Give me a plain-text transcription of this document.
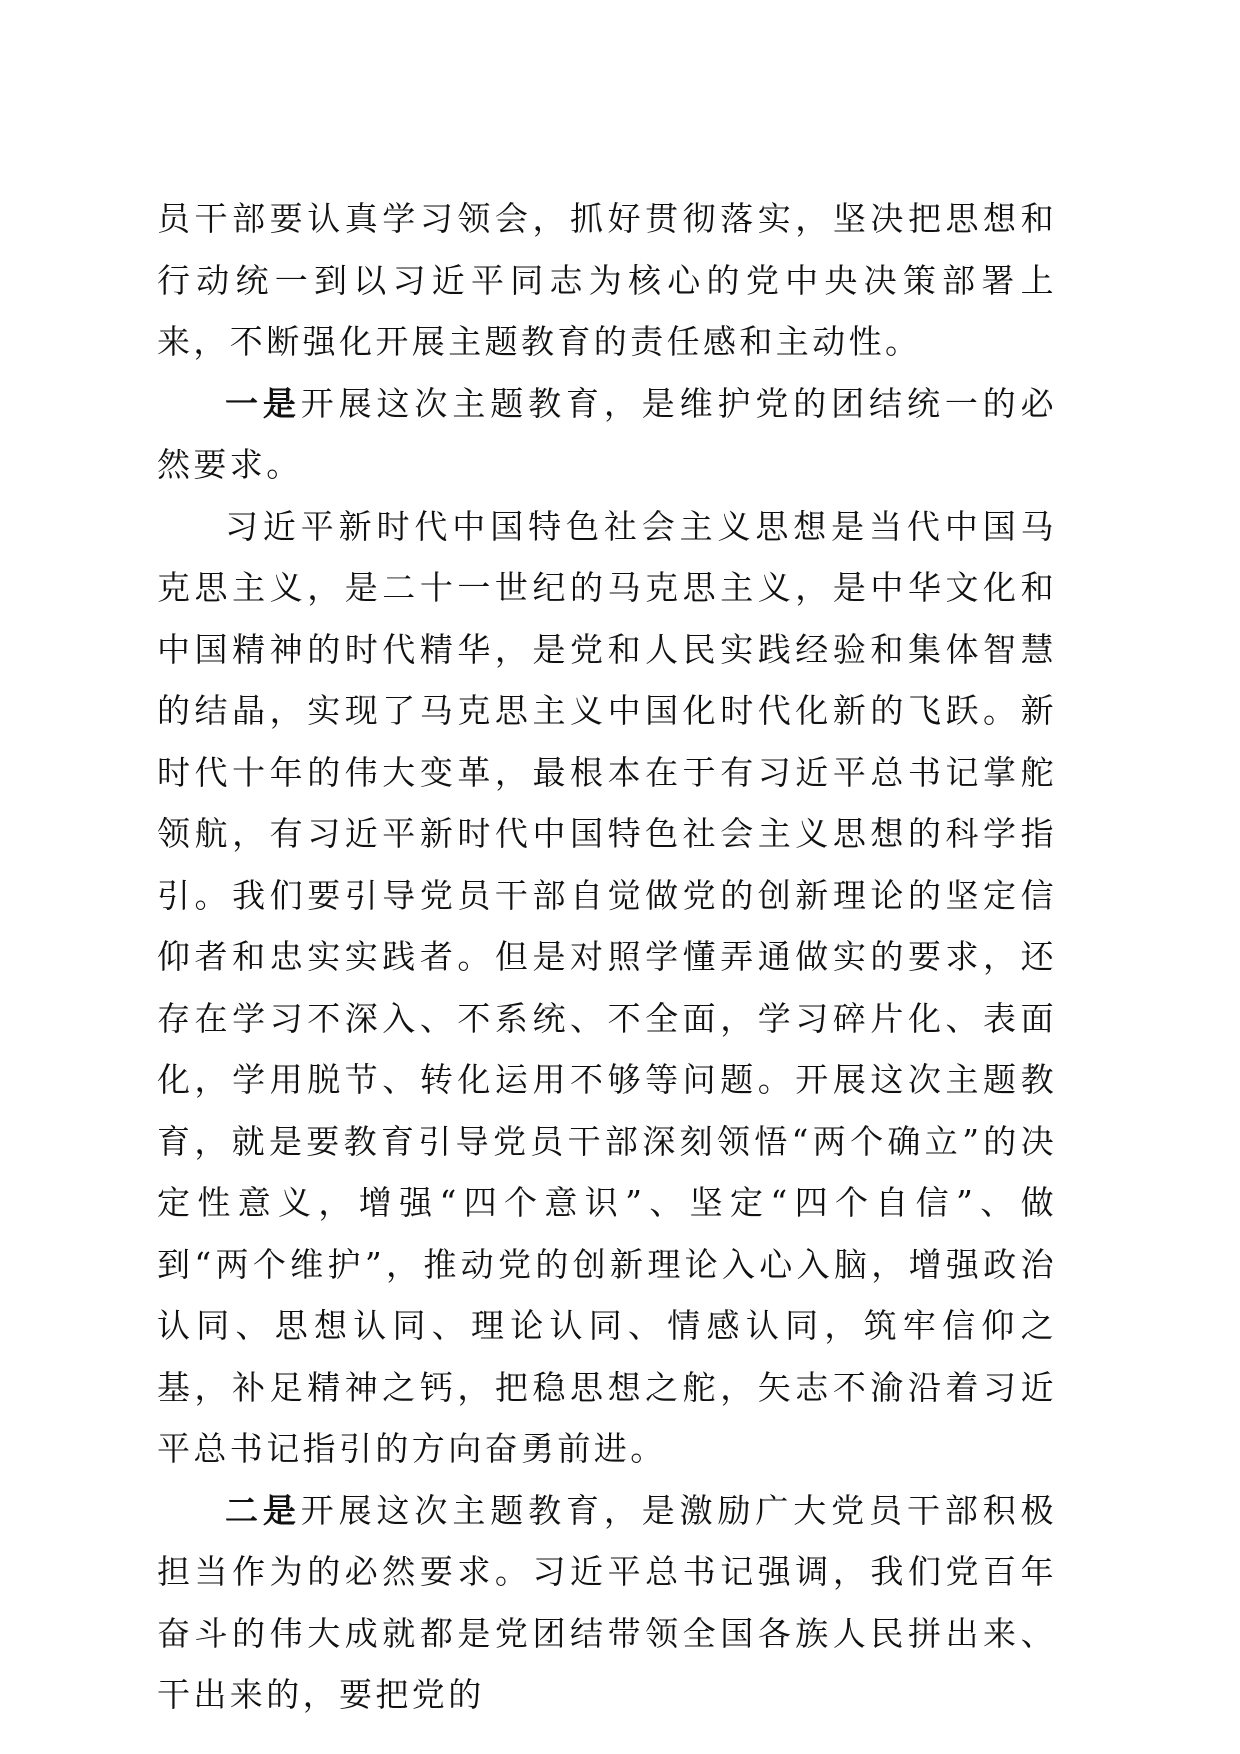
员干部要认真学习领会，抓好贯彻落实，坚决把思想和行动统一到以习近平同志为核心的党中央决策部署上来，不断强化开展主题教育的责任感和主动性。

一是开展这次主题教育，是维护党的团结统一的必然要求。

习近平新时代中国特色社会主义思想是当代中国马克思主义，是二十一世纪的马克思主义，是中华文化和中国精神的时代精华，是党和人民实践经验和集体智慧的结晶，实现了马克思主义中国化时代化新的飞跃。新时代十年的伟大变革，最根本在于有习近平总书记掌舵领航，有习近平新时代中国特色社会主义思想的科学指引。我们要引导党员干部自觉做党的创新理论的坚定信仰者和忠实实践者。但是对照学懂弄通做实的要求，还存在学习不深入、不系统、不全面，学习碎片化、表面化，学用脱节、转化运用不够等问题。开展这次主题教育，就是要教育引导党员干部深刻领悟“两个确立”的决定性意义，增强“四个意识”、坚定“四个自信”、做到“两个维护”，推动党的创新理论入心入脑，增强政治认同、思想认同、理论认同、情感认同，筑牢信仰之基，补足精神之钙，把稳思想之舵，矢志不渝沿着习近平总书记指引的方向奋勇前进。

二是开展这次主题教育，是激励广大党员干部积极担当作为的必然要求。习近平总书记强调，我们党百年奋斗的伟大成就都是党团结带领全国各族人民拼出来、干出来的，要把党的
